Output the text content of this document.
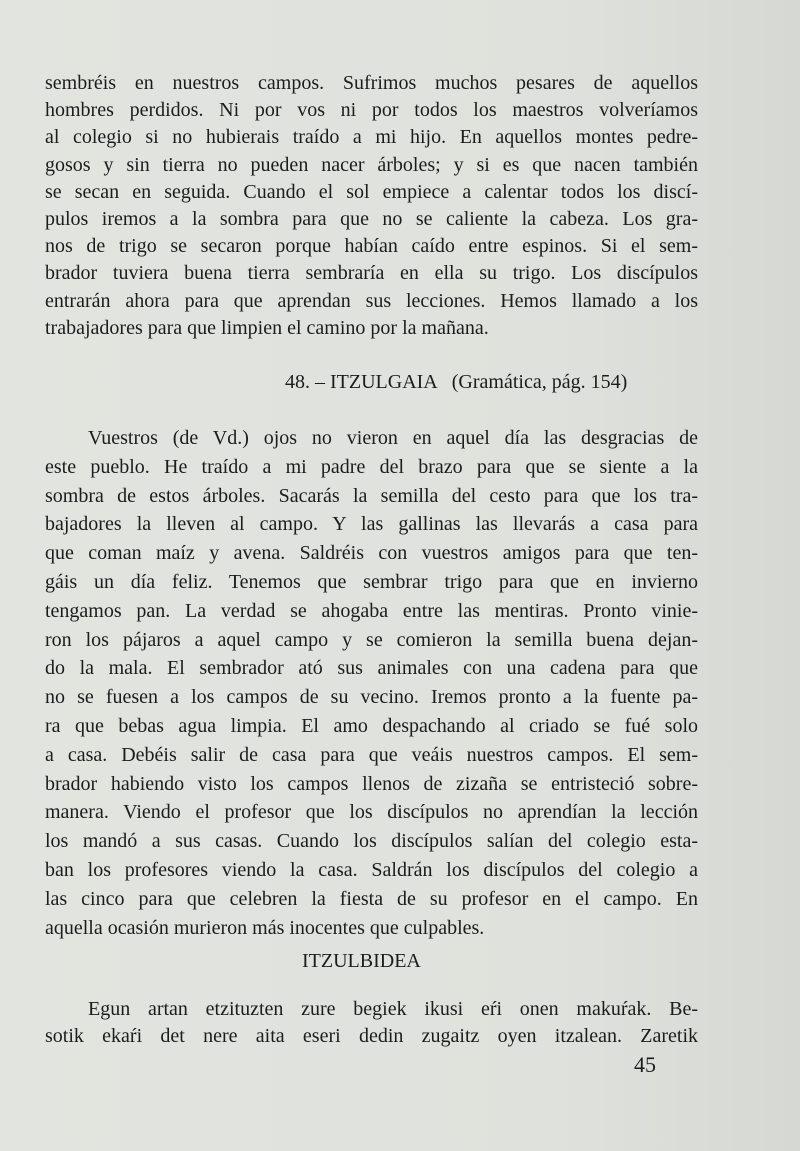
sembréis en nuestros campos. Sufrimos muchos pesares de aquellos
hombres perdidos. Ni por vos ni por todos los maestros volveríamos
al colegio si no hubierais traído a mi hijo. En aquellos montes pedre-
gosos y sin tierra no pueden nacer árboles; y si es que nacen también
se secan en seguida. Cuando el sol empiece a calentar todos los discí-
pulos iremos a la sombra para que no se caliente la cabeza. Los gra-
nos de trigo se secaron porque habían caído entre espinos. Si el sem-
brador tuviera buena tierra sembraría en ella su trigo. Los discípulos
entrarán ahora para que aprendan sus lecciones. Hemos llamado a los
trabajadores para que limpien el camino por la mañana.
48. – ITZULGAIA (Gramática, pág. 154)
Vuestros (de Vd.) ojos no vieron en aquel día las desgracias de
este pueblo. He traído a mi padre del brazo para que se siente a la
sombra de estos árboles. Sacarás la semilla del cesto para que los tra-
bajadores la lleven al campo. Y las gallinas las llevarás a casa para
que coman maíz y avena. Saldréis con vuestros amigos para que ten-
gáis un día feliz. Tenemos que sembrar trigo para que en invierno
tengamos pan. La verdad se ahogaba entre las mentiras. Pronto vinie-
ron los pájaros a aquel campo y se comieron la semilla buena dejan-
do la mala. El sembrador ató sus animales con una cadena para que
no se fuesen a los campos de su vecino. Iremos pronto a la fuente pa-
ra que bebas agua limpia. El amo despachando al criado se fué solo
a casa. Debéis salir de casa para que veáis nuestros campos. El sem-
brador habiendo visto los campos llenos de zizaña se entristeció sobre-
manera. Viendo el profesor que los discípulos no aprendían la lección
los mandó a sus casas. Cuando los discípulos salían del colegio esta-
ban los profesores viendo la casa. Saldrán los discípulos del colegio a
las cinco para que celebren la fiesta de su profesor en el campo. En
aquella ocasión murieron más inocentes que culpables.
ITZULBIDEA
Egun artan etzituzten zure begiek ikusi eŕi onen makuŕak. Be-
sotik ekaŕi det nere aita eseri dedin zugaitz oyen itzalean. Zaretik
45
